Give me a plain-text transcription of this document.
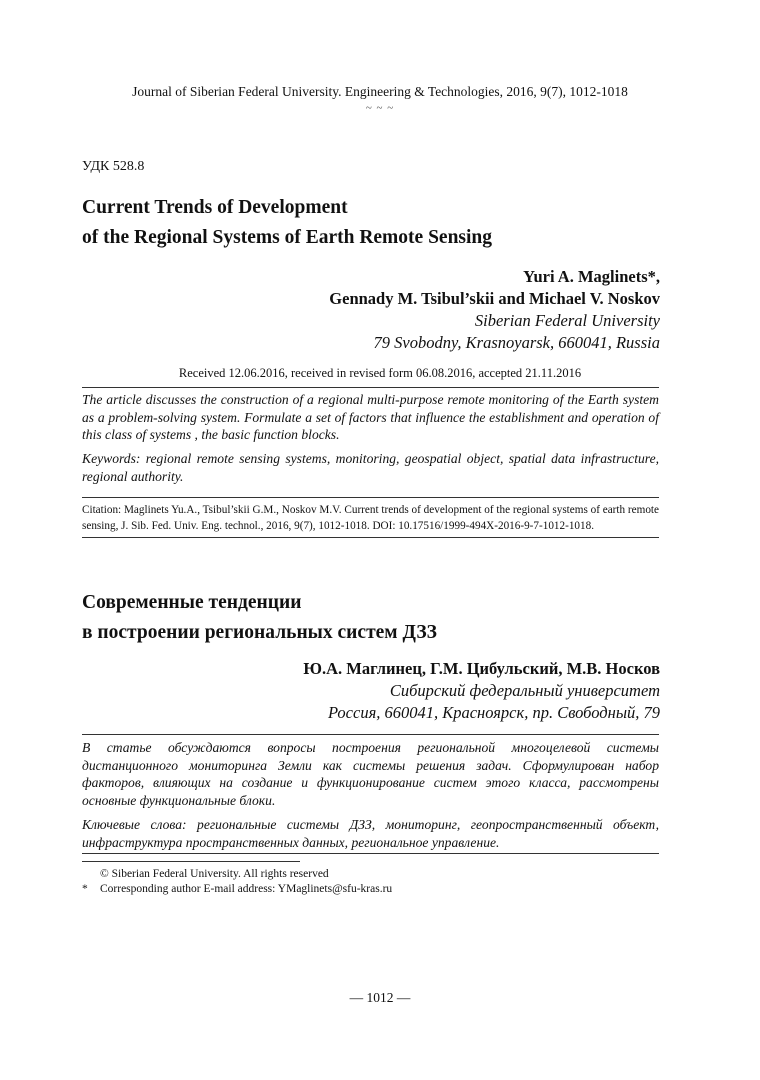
Journal of Siberian Federal University. Engineering & Technologies, 2016, 9(7), 1012-1018
~ ~ ~
УДК 528.8
Current Trends of Development
of the Regional Systems of Earth Remote Sensing
Yuri A. Maglinets*,
Gennady M. Tsibul’skii and Michael V. Noskov
Siberian Federal University
79 Svobodny, Krasnoyarsk, 660041, Russia
Received 12.06.2016, received in revised form 06.08.2016, accepted 21.11.2016
The article discusses the construction of a regional multi-purpose remote monitoring of the Earth system as a problem-solving system. Formulate a set of factors that influence the establishment and operation of this class of systems , the basic function blocks.
Keywords: regional remote sensing systems, monitoring, geospatial object, spatial data infrastructure, regional authority.
Citation: Maglinets Yu.A., Tsibul’skii G.M., Noskov M.V. Current trends of development of the regional systems of earth remote sensing, J. Sib. Fed. Univ. Eng. technol., 2016, 9(7), 1012-1018. DOI: 10.17516/1999-494X-2016-9-7-1012-1018.
Современные тенденции
в построении региональных систем ДЗЗ
Ю.А. Маглинец, Г.М. Цибульский, М.В. Носков
Сибирский федеральный университет
Россия, 660041, Красноярск, пр. Свободный, 79
В статье обсуждаются вопросы построения региональной многоцелевой системы дистанционного мониторинга Земли как системы решения задач. Сформулирован набор факторов, влияющих на создание и функционирование систем этого класса, рассмотрены основные функциональные блоки.
Ключевые слова: региональные системы ДЗЗ, мониторинг, геопространственный объект, инфраструктура пространственных данных, региональное управление.
© Siberian Federal University. All rights reserved
* Corresponding author E-mail address: YMaglinets@sfu-kras.ru
— 1012 —
